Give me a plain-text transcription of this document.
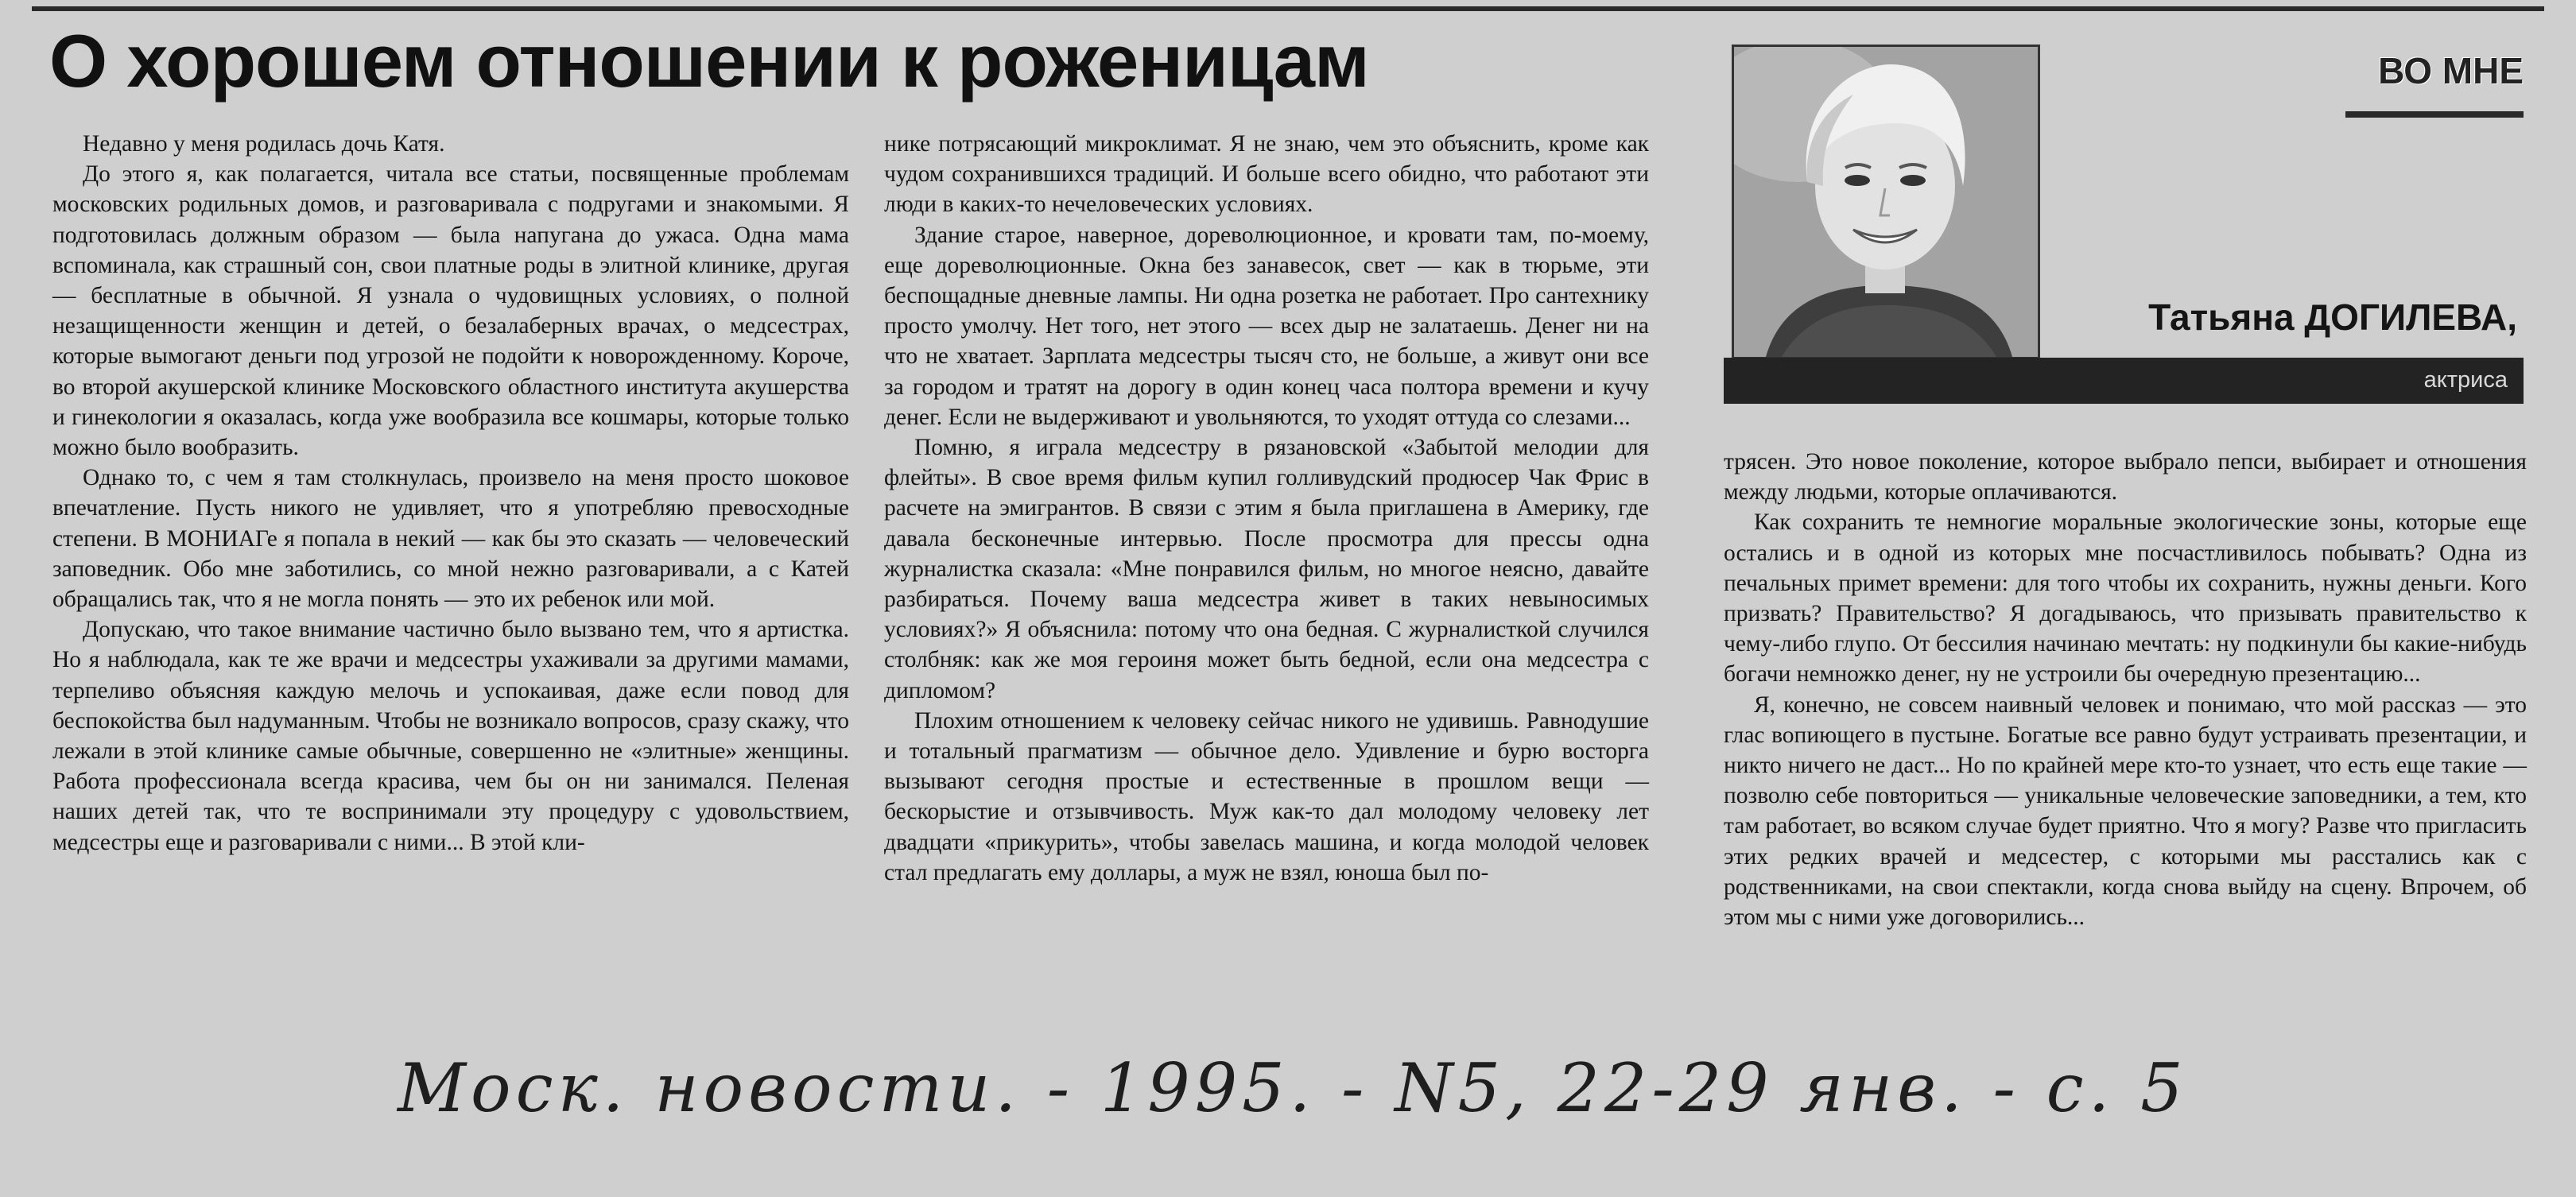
О хорошем отношении к роженицам

Недавно у меня родилась дочь Катя.

До этого я, как полагается, читала все статьи, посвященные проблемам московских родильных домов, и разговаривала с подругами и знакомыми. Я подготовилась должным образом — была напугана до ужаса. Одна мама вспоминала, как страшный сон, свои платные роды в элитной клинике, другая — бесплатные в обычной. Я узнала о чудовищных условиях, о полной незащищенности женщин и детей, о безалаберных врачах, о медсестрах, которые вымогают деньги под угрозой не подойти к новорожденному. Короче, во второй акушерской клинике Московского областного института акушерства и гинекологии я оказалась, когда уже вообразила все кошмары, которые только можно было вообразить.

Однако то, с чем я там столкнулась, произвело на меня просто шоковое впечатление. Пусть никого не удивляет, что я употребляю превосходные степени. В МОНИАГе я попала в некий — как бы это сказать — человеческий заповедник. Обо мне заботились, со мной нежно разговаривали, а с Катей обращались так, что я не могла понять — это их ребенок или мой.

Допускаю, что такое внимание частично было вызвано тем, что я артистка. Но я наблюдала, как те же врачи и медсестры ухаживали за другими мамами, терпеливо объясняя каждую мелочь и успокаивая, даже если повод для беспокойства был надуманным. Чтобы не возникало вопросов, сразу скажу, что лежали в этой клинике самые обычные, совершенно не «элитные» женщины. Работа профессионала всегда красива, чем бы он ни занимался. Пеленая наших детей так, что те воспринимали эту процедуру с удовольствием, медсестры еще и разговаривали с ними... В этой кли-

нике потрясающий микроклимат. Я не знаю, чем это объяснить, кроме как чудом сохранившихся традиций. И больше всего обидно, что работают эти люди в каких-то нечеловеческих условиях.

Здание старое, наверное, дореволюционное, и кровати там, по-моему, еще дореволюционные. Окна без занавесок, свет — как в тюрьме, эти беспощадные дневные лампы. Ни одна розетка не работает. Про сантехнику просто умолчу. Нет того, нет этого — всех дыр не залатаешь. Денег ни на что не хватает. Зарплата медсестры тысяч сто, не больше, а живут они все за городом и тратят на дорогу в один конец часа полтора времени и кучу денег. Если не выдерживают и увольняются, то уходят оттуда со слезами...

Помню, я играла медсестру в рязановской «Забытой мелодии для флейты». В свое время фильм купил голливудский продюсер Чак Фрис в расчете на эмигрантов. В связи с этим я была приглашена в Америку, где давала бесконечные интервью. После просмотра для прессы одна журналистка сказала: «Мне понравился фильм, но многое неясно, давайте разбираться. Почему ваша медсестра живет в таких невыносимых условиях?» Я объяснила: потому что она бедная. С журналисткой случился столбняк: как же моя героиня может быть бедной, если она медсестра с дипломом?

Плохим отношением к человеку сейчас никого не удивишь. Равнодушие и тотальный прагматизм — обычное дело. Удивление и бурю восторга вызывают сегодня простые и естественные в прошлом вещи — бескорыстие и отзывчивость. Муж как-то дал молодому человеку лет двадцати «прикурить», чтобы завелась машина, и когда молодой человек стал предлагать ему доллары, а муж не взял, юноша был по-

ВО МНЕ
Татьяна ДОГИЛЕВА,
актриса

трясен. Это новое поколение, которое выбрало пепси, выбирает и отношения между людьми, которые оплачиваются.

Как сохранить те немногие моральные экологические зоны, которые еще остались и в одной из которых мне посчастливилось побывать? Одна из печальных примет времени: для того чтобы их сохранить, нужны деньги. Кого призвать? Правительство? Я догадываюсь, что призывать правительство к чему-либо глупо. От бессилия начинаю мечтать: ну подкинули бы какие-нибудь богачи немножко денег, ну не устроили бы очередную презентацию...

Я, конечно, не совсем наивный человек и понимаю, что мой рассказ — это глас вопиющего в пустыне. Богатые все равно будут устраивать презентации, и никто ничего не даст... Но по крайней мере кто-то узнает, что есть еще такие — позволю себе повториться — уникальные человеческие заповедники, а тем, кто там работает, во всяком случае будет приятно. Что я могу? Разве что пригласить этих редких врачей и медсестер, с которыми мы расстались как с родственниками, на свои спектакли, когда снова выйду на сцену. Впрочем, об этом мы с ними уже договорились...

Моск. новости. - 1995. - N5, 22-29 янв. - с. 5
